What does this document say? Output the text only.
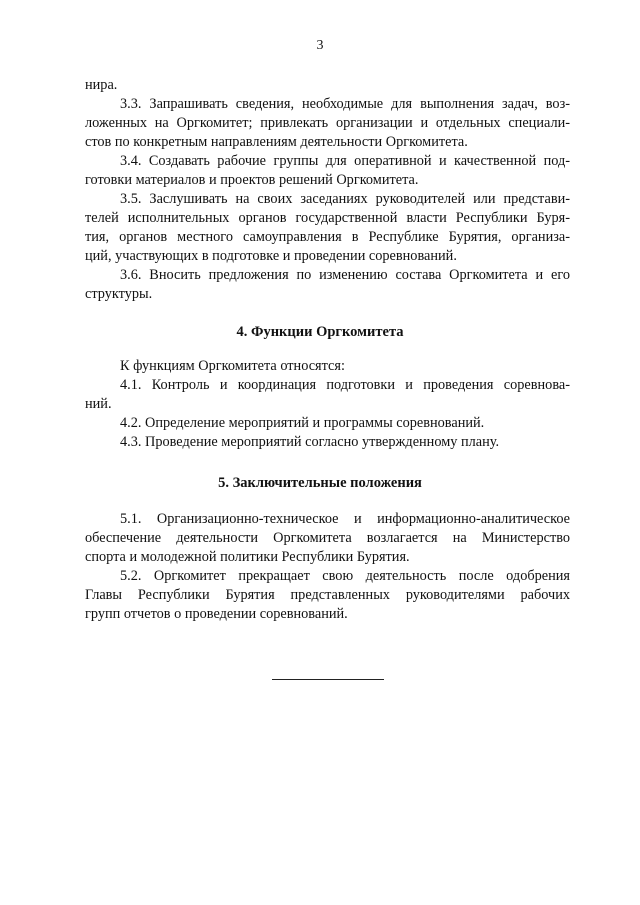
3
нира.
3.3. Запрашивать сведения, необходимые для выполнения задач, воз-
ложенных на Оргкомитет; привлекать организации и отдельных специали-
стов по конкретным направлениям деятельности Оргкомитета.
3.4. Создавать рабочие группы для оперативной и качественной под-
готовки материалов и проектов решений Оргкомитета.
3.5. Заслушивать на своих заседаниях руководителей или представи-
телей исполнительных органов государственной власти Республики Буря-
тия, органов местного самоуправления в Республике Бурятия, организа-
ций, участвующих в подготовке и проведении соревнований.
3.6. Вносить предложения по изменению состава Оргкомитета и его
структуры.
4. Функции Оргкомитета
К функциям Оргкомитета относятся:
4.1. Контроль и координация подготовки и проведения соревнова-
ний.
4.2. Определение мероприятий и программы соревнований.
4.3. Проведение мероприятий согласно утвержденному плану.
5. Заключительные положения
5.1. Организационно-техническое и информационно-аналитическое
обеспечение деятельности Оргкомитета возлагается на Министерство
спорта и молодежной политики Республики Бурятия.
5.2. Оргкомитет прекращает свою деятельность после одобрения
Главы Республики Бурятия представленных руководителями рабочих
групп отчетов о проведении соревнований.
